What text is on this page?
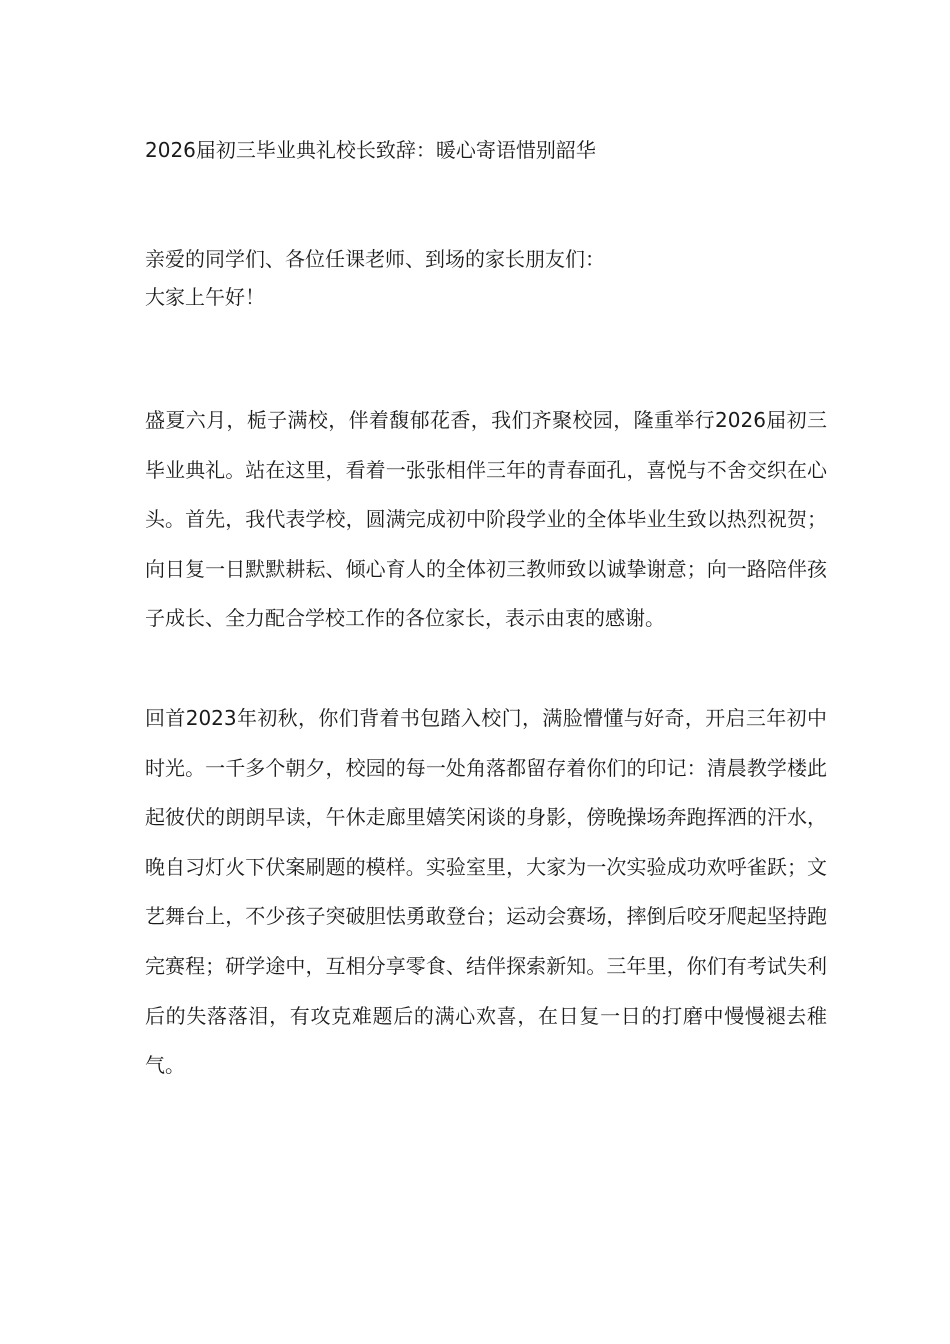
2026届初三毕业典礼校长致辞：暖心寄语惜别韶华
亲爱的同学们、各位任课老师、到场的家长朋友们：
大家上午好！

盛夏六月，栀子满校，伴着馥郁花香，我们齐聚校园，隆重举行2026届初三毕业典礼。站在这里，看着一张张相伴三年的青春面孔，喜悦与不舍交织在心头。首先，我代表学校，圆满完成初中阶段学业的全体毕业生致以热烈祝贺；向日复一日默默耕耘、倾心育人的全体初三教师致以诚挚谢意；向一路陪伴孩子成长、全力配合学校工作的各位家长，表示由衷的感谢。

回首2023年初秋，你们背着书包踏入校门，满脸懵懂与好奇，开启三年初中时光。一千多个朝夕，校园的每一处角落都留存着你们的印记：清晨教学楼此起彼伏的朗朗早读，午休走廊里嬉笑闲谈的身影，傍晚操场奔跑挥洒的汗水，晚自习灯火下伏案刷题的模样。实验室里，大家为一次实验成功欢呼雀跃；文艺舞台上，不少孩子突破胆怯勇敢登台；运动会赛场，摔倒后咬牙爬起坚持跑完赛程；研学途中，互相分享零食、结伴探索新知。三年里，你们有考试失利后的失落落泪，有攻克难题后的满心欢喜，在日复一日的打磨中慢慢褪去稚气。
